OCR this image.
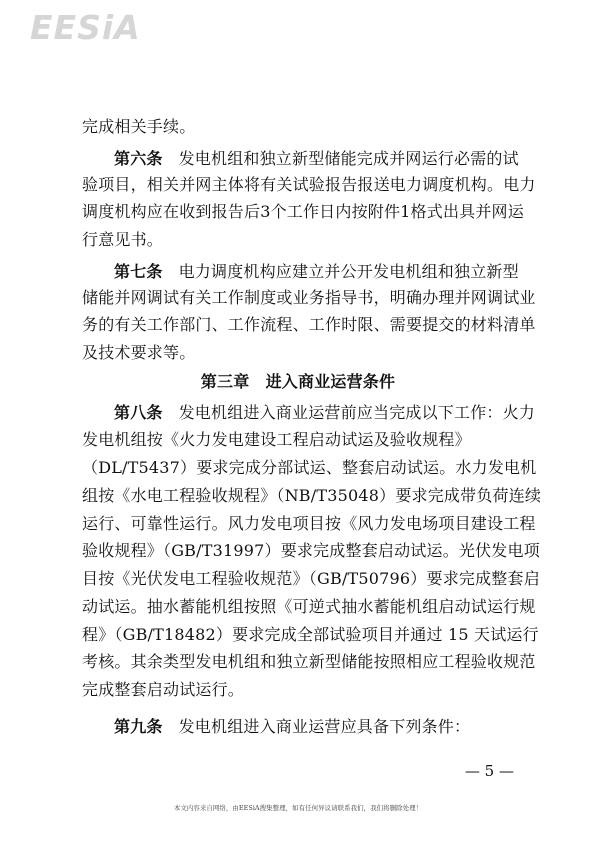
EESiA
完成相关手续。
第六条 发电机组和独立新型储能完成并网运行必需的试
验项目，相关并网主体将有关试验报告报送电力调度机构。电力
调度机构应在收到报告后3个工作日内按附件1格式出具并网运
行意见书。
第七条 电力调度机构应建立并公开发电机组和独立新型
储能并网调试有关工作制度或业务指导书，明确办理并网调试业
务的有关工作部门、工作流程、工作时限、需要提交的材料清单
及技术要求等。
第三章　进入商业运营条件
第八条 发电机组进入商业运营前应当完成以下工作：火力
发电机组按《火力发电建设工程启动试运及验收规程》
（DL/T5437）要求完成分部试运、整套启动试运。水力发电机
组按《水电工程验收规程》（NB/T35048）要求完成带负荷连续
运行、可靠性运行。风力发电项目按《风力发电场项目建设工程
验收规程》（GB/T31997）要求完成整套启动试运。光伏发电项
目按《光伏发电工程验收规范》（GB/T50796）要求完成整套启
动试运。抽水蓄能机组按照《可逆式抽水蓄能机组启动试运行规
程》（GB/T18482）要求完成全部试验项目并通过 15 天试运行
考核。其余类型发电机组和独立新型储能按照相应工程验收规范
完成整套启动试运行。
第九条 发电机组进入商业运营应具备下列条件：
— 5 —
本文内容来自网络，由EESiA搜集整理，如有任何异议请联系我们，我们将删除处理！
